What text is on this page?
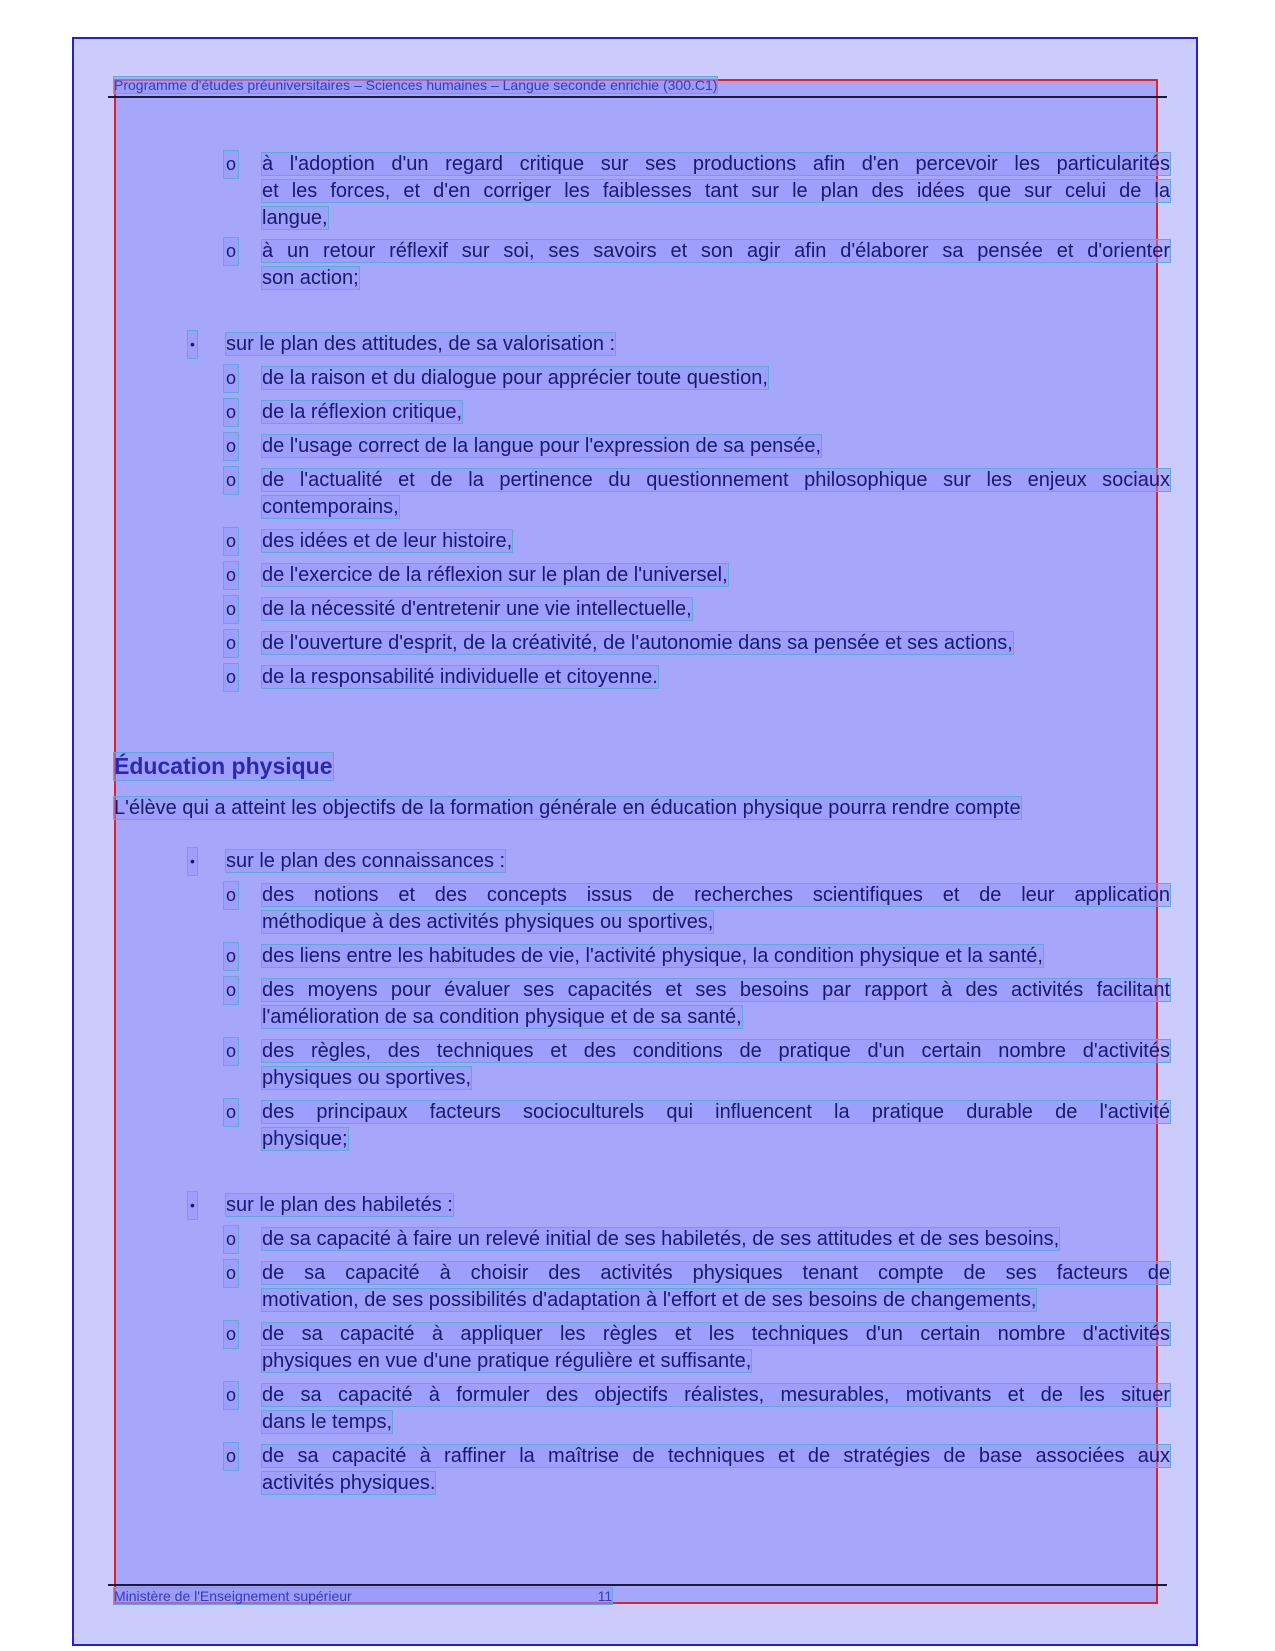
Programme d'études préuniversitaires – Sciences humaines – Langue seconde enrichie (300.C1)
o à l'adoption d'un regard critique sur ses productions afin d'en percevoir les particularités
et les forces, et d'en corriger les faiblesses tant sur le plan des idées que sur celui de la
langue,
o à un retour réflexif sur soi, ses savoirs et son agir afin d'élaborer sa pensée et d'orienter
son action;
• sur le plan des attitudes, de sa valorisation :
o de la raison et du dialogue pour apprécier toute question,
o de la réflexion critique,
o de l'usage correct de la langue pour l'expression de sa pensée,
o de l'actualité et de la pertinence du questionnement philosophique sur les enjeux sociaux
contemporains,
o des idées et de leur histoire,
o de l'exercice de la réflexion sur le plan de l'universel,
o de la nécessité d'entretenir une vie intellectuelle,
o de l'ouverture d'esprit, de la créativité, de l'autonomie dans sa pensée et ses actions,
o de la responsabilité individuelle et citoyenne.
Éducation physique
L'élève qui a atteint les objectifs de la formation générale en éducation physique pourra rendre compte
• sur le plan des connaissances :
o des notions et des concepts issus de recherches scientifiques et de leur application
méthodique à des activités physiques ou sportives,
o des liens entre les habitudes de vie, l'activité physique, la condition physique et la santé,
o des moyens pour évaluer ses capacités et ses besoins par rapport à des activités facilitant
l'amélioration de sa condition physique et de sa santé,
o des règles, des techniques et des conditions de pratique d'un certain nombre d'activités
physiques ou sportives,
o des principaux facteurs socioculturels qui influencent la pratique durable de l'activité
physique;
• sur le plan des habiletés :
o de sa capacité à faire un relevé initial de ses habiletés, de ses attitudes et de ses besoins,
o de sa capacité à choisir des activités physiques tenant compte de ses facteurs de
motivation, de ses possibilités d'adaptation à l'effort et de ses besoins de changements,
o de sa capacité à appliquer les règles et les techniques d'un certain nombre d'activités
physiques en vue d'une pratique régulière et suffisante,
o de sa capacité à formuler des objectifs réalistes, mesurables, motivants et de les situer
dans le temps,
o de sa capacité à raffiner la maîtrise de techniques et de stratégies de base associées aux
activités physiques.
Ministère de l'Enseignement supérieur	11
